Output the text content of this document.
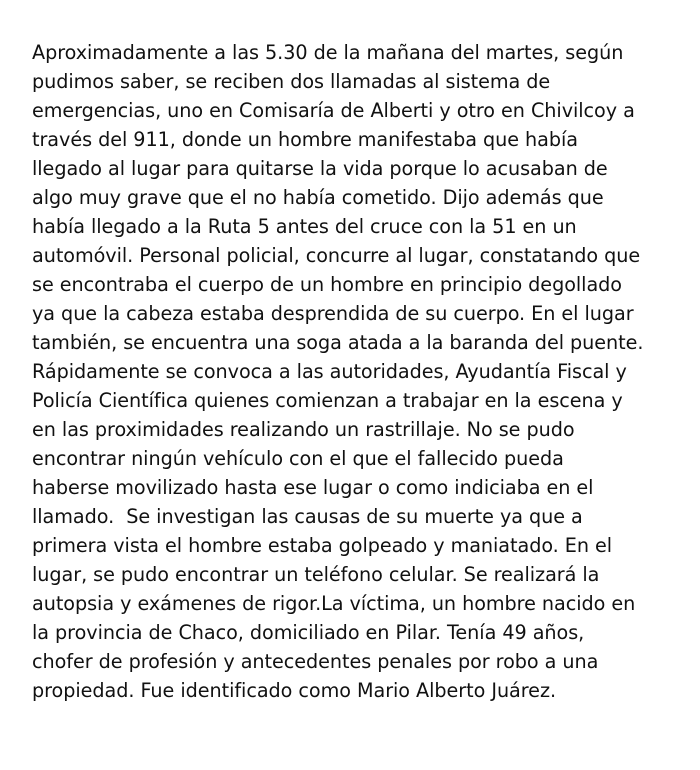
Aproximadamente a las 5.30 de la mañana del martes, según
pudimos saber, se reciben dos llamadas al sistema de
emergencias, uno en Comisaría de Alberti y otro en Chivilcoy a
través del 911, donde un hombre manifestaba que había
llegado al lugar para quitarse la vida porque lo acusaban de
algo muy grave que el no había cometido. Dijo además que
había llegado a la Ruta 5 antes del cruce con la 51 en un
automóvil. Personal policial, concurre al lugar, constatando que
se encontraba el cuerpo de un hombre en principio degollado
ya que la cabeza estaba desprendida de su cuerpo. En el lugar
también, se encuentra una soga atada a la baranda del puente.
Rápidamente se convoca a las autoridades, Ayudantía Fiscal y
Policía Científica quienes comienzan a trabajar en la escena y
en las proximidades realizando un rastrillaje. No se pudo
encontrar ningún vehículo con el que el fallecido pueda
haberse movilizado hasta ese lugar o como indiciaba en el
llamado.  Se investigan las causas de su muerte ya que a
primera vista el hombre estaba golpeado y maniatado. En el
lugar, se pudo encontrar un teléfono celular. Se realizará la
autopsia y exámenes de rigor.La víctima, un hombre nacido en
la provincia de Chaco, domiciliado en Pilar. Tenía 49 años,
chofer de profesión y antecedentes penales por robo a una
propiedad. Fue identificado como Mario Alberto Juárez.
